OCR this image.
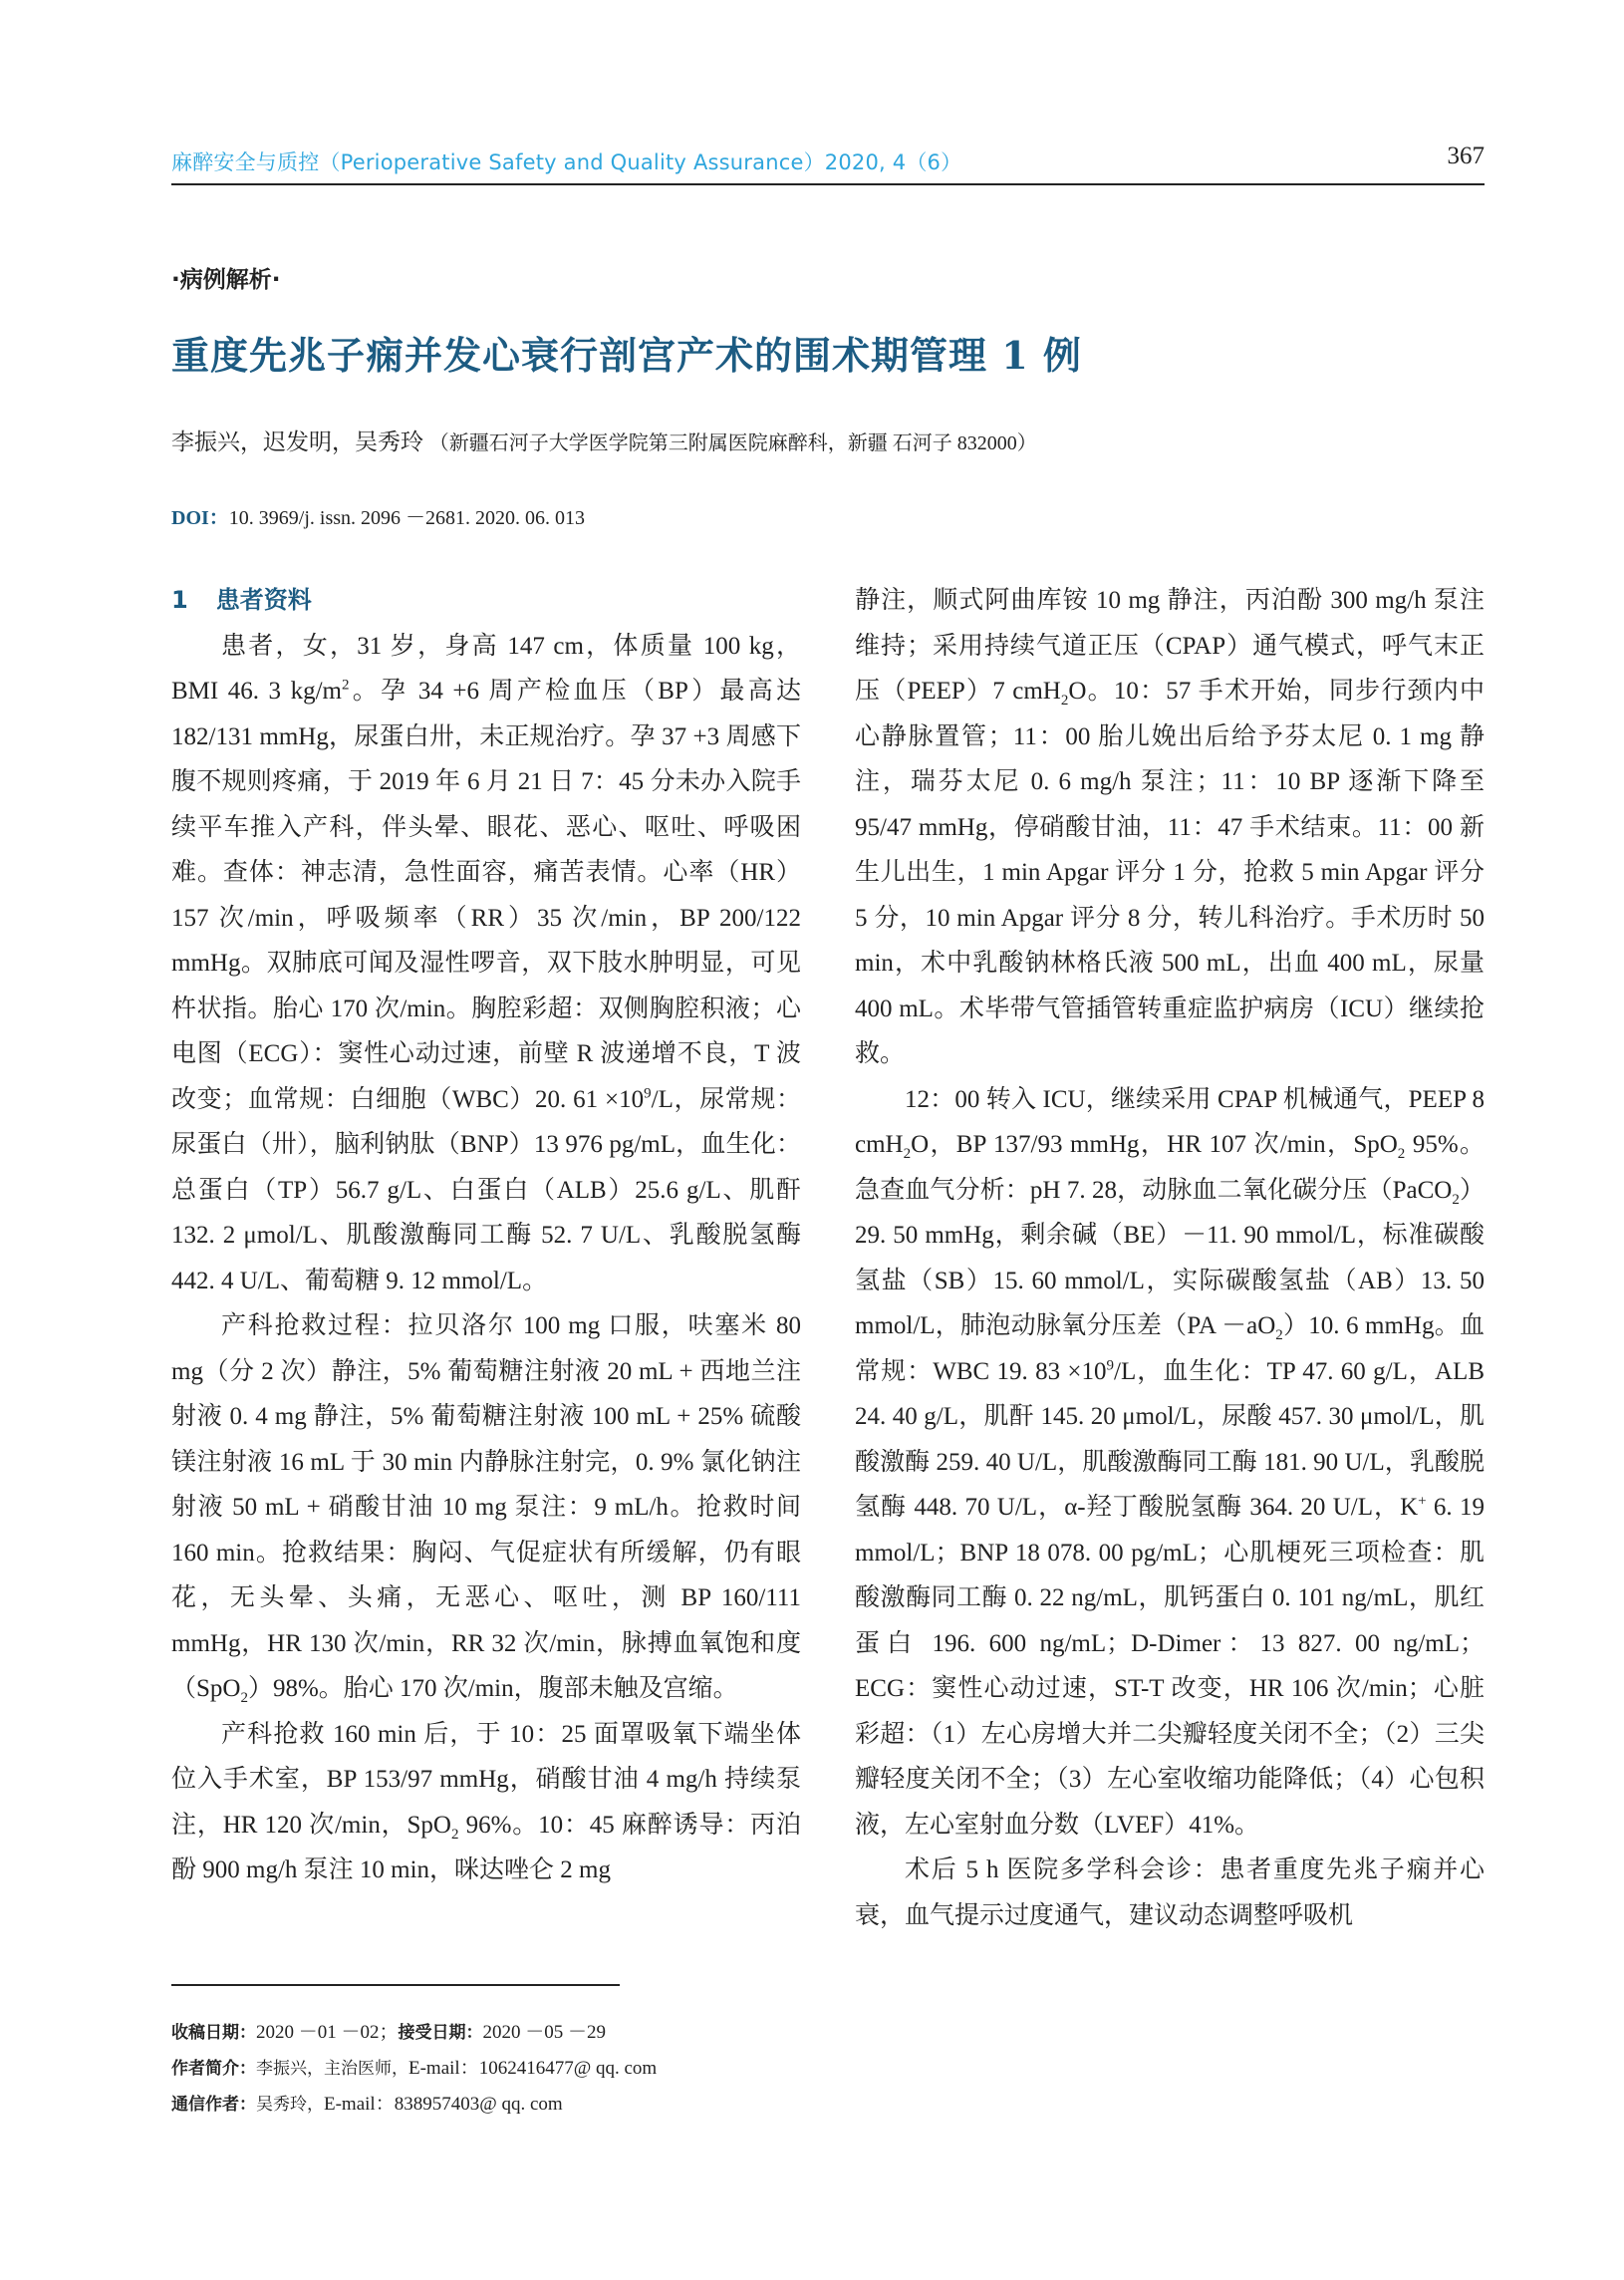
麻醉安全与质控（Perioperative Safety and Quality Assurance）2020, 4（6）	367
·病例解析·
重度先兆子痫并发心衰行剖宫产术的围术期管理 1 例
李振兴，迟发明，吴秀玲 （新疆石河子大学医学院第三附属医院麻醉科，新疆 石河子 832000）
DOI：10. 3969/j. issn. 2096 －2681. 2020. 06. 013
1 患者资料

患者，女，31 岁，身高 147 cm，体质量 100 kg，BMI 46. 3 $kg/m^2$。孕 34 +6 周产检血压（BP）最高达 182/131 mmHg，尿蛋白卅，未正规治疗。孕 37 +3 周感下腹不规则疼痛，于 2019 年 6 月 21 日 7：45 分未办入院手续平车推入产科，伴头晕、眼花、恶心、呕吐、呼吸困难。查体：神志清，急性面容，痛苦表情。心率（HR）157 次/min，呼吸频率（RR）35 次/min，BP 200/122 mmHg。双肺底可闻及湿性啰音，双下肢水肿明显，可见杵状指。胎心 170 次/min。胸腔彩超：双侧胸腔积液；心电图（ECG）：窦性心动过速，前壁 R 波递增不良，T 波改变；血常规：白细胞（WBC）20. $61 \times 10^9/L$，尿常规：尿蛋白（卅），脑利钠肽（BNP）13 976 pg/mL，血生化：总蛋白（TP）56.7 g/L、白蛋白（ALB）25.6 g/L、肌酐 132. 2 μmol/L、肌酸激酶同工酶 52. 7 U/L、乳酸脱氢酶 442. 4 U/L、葡萄糖 9. 12 mmol/L。

产科抢救过程：拉贝洛尔 100 mg 口服，呋塞米 80 mg（分 2 次）静注，5% 葡萄糖注射液 20 mL + 西地兰注射液 0. 4 mg 静注，5% 葡萄糖注射液 100 mL + 25% 硫酸镁注射液 16 mL 于 30 min 内静脉注射完，0. 9% 氯化钠注射液 50 mL + 硝酸甘油 10 mg 泵注：9 mL/h。抢救时间 160 min。抢救结果：胸闷、气促症状有所缓解，仍有眼花，无头晕、头痛，无恶心、呕吐，测 BP 160/111 mmHg，HR 130 次/min，RR 32 次/min，脉搏血氧饱和度（SpO$_2$）98%。胎心 170 次/min，腹部未触及宫缩。

产科抢救 160 min 后，于 10：25 面罩吸氧下端坐体位入手术室，BP 153/97 mmHg，硝酸甘油 4 mg/h 持续泵注，HR 120 次/min，SpO$_2$ 96%。10：45 麻醉诱导：丙泊酚 900 mg/h 泵注 10 min，咪达唑仑 2 mg

静注，顺式阿曲库铵 10 mg 静注，丙泊酚 300 mg/h 泵注维持；采用持续气道正压（CPAP）通气模式，呼气末正压（PEEP）7 cmH$_2$O。10：57 手术开始，同步行颈内中心静脉置管；11：00 胎儿娩出后给予芬太尼 0. 1 mg 静注，瑞芬太尼 0. 6 mg/h 泵注；11：10 BP 逐渐下降至 95/47 mmHg，停硝酸甘油，11：47 手术结束。11：00 新生儿出生，1 min Apgar 评分 1 分，抢救 5 min Apgar 评分 5 分，10 min Apgar 评分 8 分，转儿科治疗。手术历时 50 min，术中乳酸钠林格氏液 500 mL，出血 400 mL，尿量 400 mL。术毕带气管插管转重症监护病房（ICU）继续抢救。

12：00 转入 ICU，继续采用 CPAP 机械通气，PEEP 8 cmH$_2$O，BP 137/93 mmHg，HR 107 次/min，SpO$_2$ 95%。急查血气分析：pH 7. 28，动脉血二氧化碳分压（PaCO$_2$）29. 50 mmHg，剩余碱（BE）－11. 90 mmol/L，标准碳酸氢盐（SB）15. 60 mmol/L，实际碳酸氢盐（AB）13. 50 mmol/L，肺泡动脉氧分压差$(PA -aO_2)10$. 6 mmHg。血常规：WBC 19. $83 \times 10^9/L$，血生化：TP 47. 60 g/L，ALB 24. 40 g/L，肌酐 145. 20 μmol/L，尿酸 457. 30 μmol/L，肌酸激酶 259. 40 U/L，肌酸激酶同工酶 181. 90 U/L，乳酸脱氢酶 448. 70 U/L，α-羟丁酸脱氢酶 364. 20 U/L，K+ 6. 19 mmol/L；BNP 18 078. 00 pg/mL；心肌梗死三项检查：肌酸激酶同工酶 0. 22 ng/mL，肌钙蛋白 0. 101 ng/mL，肌红蛋白 196. 600 ng/mL；D-Dimer：13 827. 00 ng/mL；ECG：窦性心动过速，ST-T 改变，HR 106 次/min；心脏彩超：（1）左心房增大并二尖瓣轻度关闭不全；（2）三尖瓣轻度关闭不全；（3）左心室收缩功能降低；（4）心包积液，左心室射血分数（LVEF）41%。

术后 5 h 医院多学科会诊：患者重度先兆子痫并心衰，血气提示过度通气，建议动态调整呼吸机

收稿日期：2020 －01 －02；接受日期：2020 －05 －29
作者简介：李振兴，主治医师，E-mail：1062416477@ qq. com
通信作者：吴秀玲，E-mail：838957403@ qq. com
